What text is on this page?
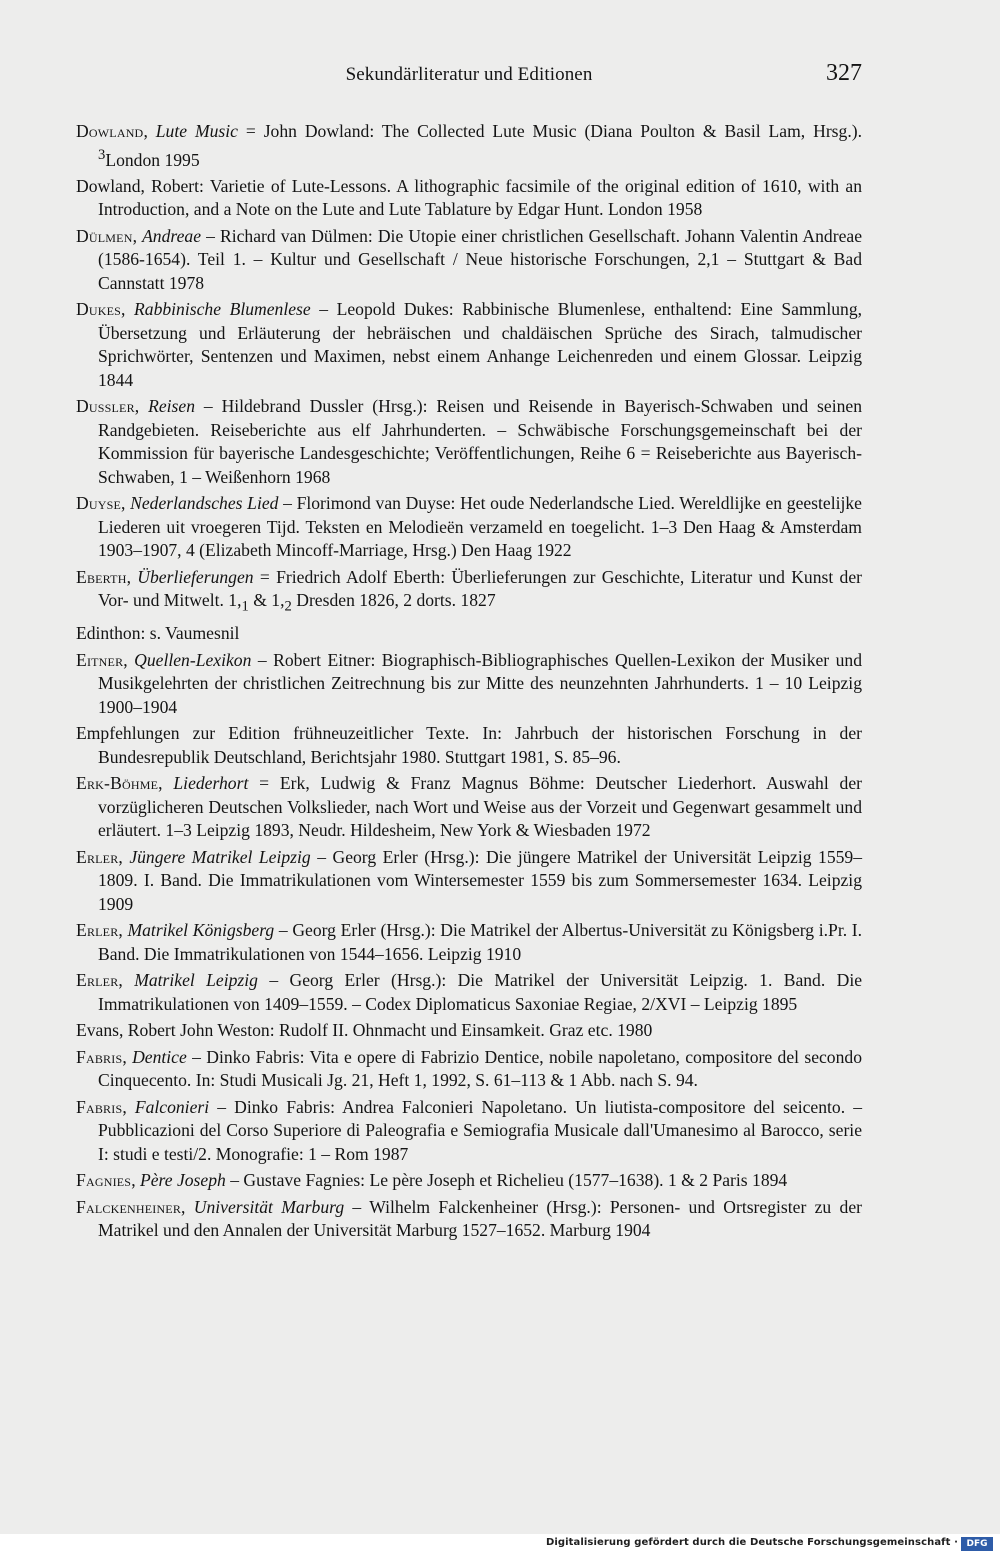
Sekundärliteratur und Editionen	327

Dowland, Lute Music = John Dowland: The Collected Lute Music (Diana Poulton & Basil Lam, Hrsg.). $^3$London 1995

Dowland, Robert: Varietie of Lute-Lessons. A lithographic facsimile of the original edition of 1610, with an Introduction, and a Note on the Lute and Lute Tablature by Edgar Hunt. London 1958

Dülmen, Andreae – Richard van Dülmen: Die Utopie einer christlichen Gesellschaft. Johann Valentin Andreae (1586-1654). Teil 1. – Kultur und Gesellschaft / Neue historische Forschungen, 2,1 – Stuttgart & Bad Cannstatt 1978

Dukes, Rabbinische Blumenlese – Leopold Dukes: Rabbinische Blumenlese, enthaltend: Eine Sammlung, Übersetzung und Erläuterung der hebräischen und chaldäischen Sprüche des Sirach, talmudischer Sprichwörter, Sentenzen und Maximen, nebst einem Anhange Leichenreden und einem Glossar. Leipzig 1844

Dussler, Reisen – Hildebrand Dussler (Hrsg.): Reisen und Reisende in Bayerisch-Schwaben und seinen Randgebieten. Reiseberichte aus elf Jahrhunderten. – Schwäbische Forschungsgemeinschaft bei der Kommission für bayerische Landesgeschichte; Veröffentlichungen, Reihe 6 = Reiseberichte aus Bayerisch-Schwaben, 1 – Weißenhorn 1968

Duyse, Nederlandsches Lied – Florimond van Duyse: Het oude Nederlandsche Lied. Wereldlijke en geestelijke Liederen uit vroegeren Tijd. Teksten en Melodieën verzameld en toegelicht. 1–3 Den Haag & Amsterdam 1903–1907, 4 (Elizabeth Mincoff-Marriage, Hrsg.) Den Haag 1922

Eberth, Überlieferungen = Friedrich Adolf Eberth: Überlieferungen zur Geschichte, Literatur und Kunst der Vor- und Mitwelt. $1,_1$ & $1,_2$ Dresden 1826, 2 dorts. 1827

Edinthon: s. Vaumesnil

Eitner, Quellen-Lexikon – Robert Eitner: Biographisch-Bibliographisches Quellen-Lexikon der Musiker und Musikgelehrten der christlichen Zeitrechnung bis zur Mitte des neunzehnten Jahrhunderts. 1 – 10 Leipzig 1900–1904

Empfehlungen zur Edition frühneuzeitlicher Texte. In: Jahrbuch der historischen Forschung in der Bundesrepublik Deutschland, Berichtsjahr 1980. Stuttgart 1981, S. 85–96.

Erk-Böhme, Liederhort = Erk, Ludwig & Franz Magnus Böhme: Deutscher Liederhort. Auswahl der vorzüglicheren Deutschen Volkslieder, nach Wort und Weise aus der Vorzeit und Gegenwart gesammelt und erläutert. 1–3 Leipzig 1893, Neudr. Hildesheim, New York & Wiesbaden 1972

Erler, Jüngere Matrikel Leipzig – Georg Erler (Hrsg.): Die jüngere Matrikel der Universität Leipzig 1559–1809. I. Band. Die Immatrikulationen vom Wintersemester 1559 bis zum Sommersemester 1634. Leipzig 1909

Erler, Matrikel Königsberg – Georg Erler (Hrsg.): Die Matrikel der Albertus-Universität zu Königsberg i.Pr. I. Band. Die Immatrikulationen von 1544–1656. Leipzig 1910

Erler, Matrikel Leipzig – Georg Erler (Hrsg.): Die Matrikel der Universität Leipzig. 1. Band. Die Immatrikulationen von 1409–1559. – Codex Diplomaticus Saxoniae Regiae, 2/XVI – Leipzig 1895

Evans, Robert John Weston: Rudolf II. Ohnmacht und Einsamkeit. Graz etc. 1980

Fabris, Dentice – Dinko Fabris: Vita e opere di Fabrizio Dentice, nobile napoletano, compositore del secondo Cinquecento. In: Studi Musicali Jg. 21, Heft 1, 1992, S. 61–113 & 1 Abb. nach S. 94.

Fabris, Falconieri – Dinko Fabris: Andrea Falconieri Napoletano. Un liutista-compositore del seicento. – Pubblicazioni del Corso Superiore di Paleografia e Semiografia Musicale dall'Umanesimo al Barocco, serie I: studi e testi/2. Monografie: 1 – Rom 1987

Fagnies, Père Joseph – Gustave Fagnies: Le père Joseph et Richelieu (1577–1638). 1 & 2 Paris 1894

Falckenheiner, Universität Marburg – Wilhelm Falckenheiner (Hrsg.): Personen- und Ortsregister zu der Matrikel und den Annalen der Universität Marburg 1527–1652. Marburg 1904

Digitalisierung gefördert durch die Deutsche Forschungsgemeinschaft · DFG
